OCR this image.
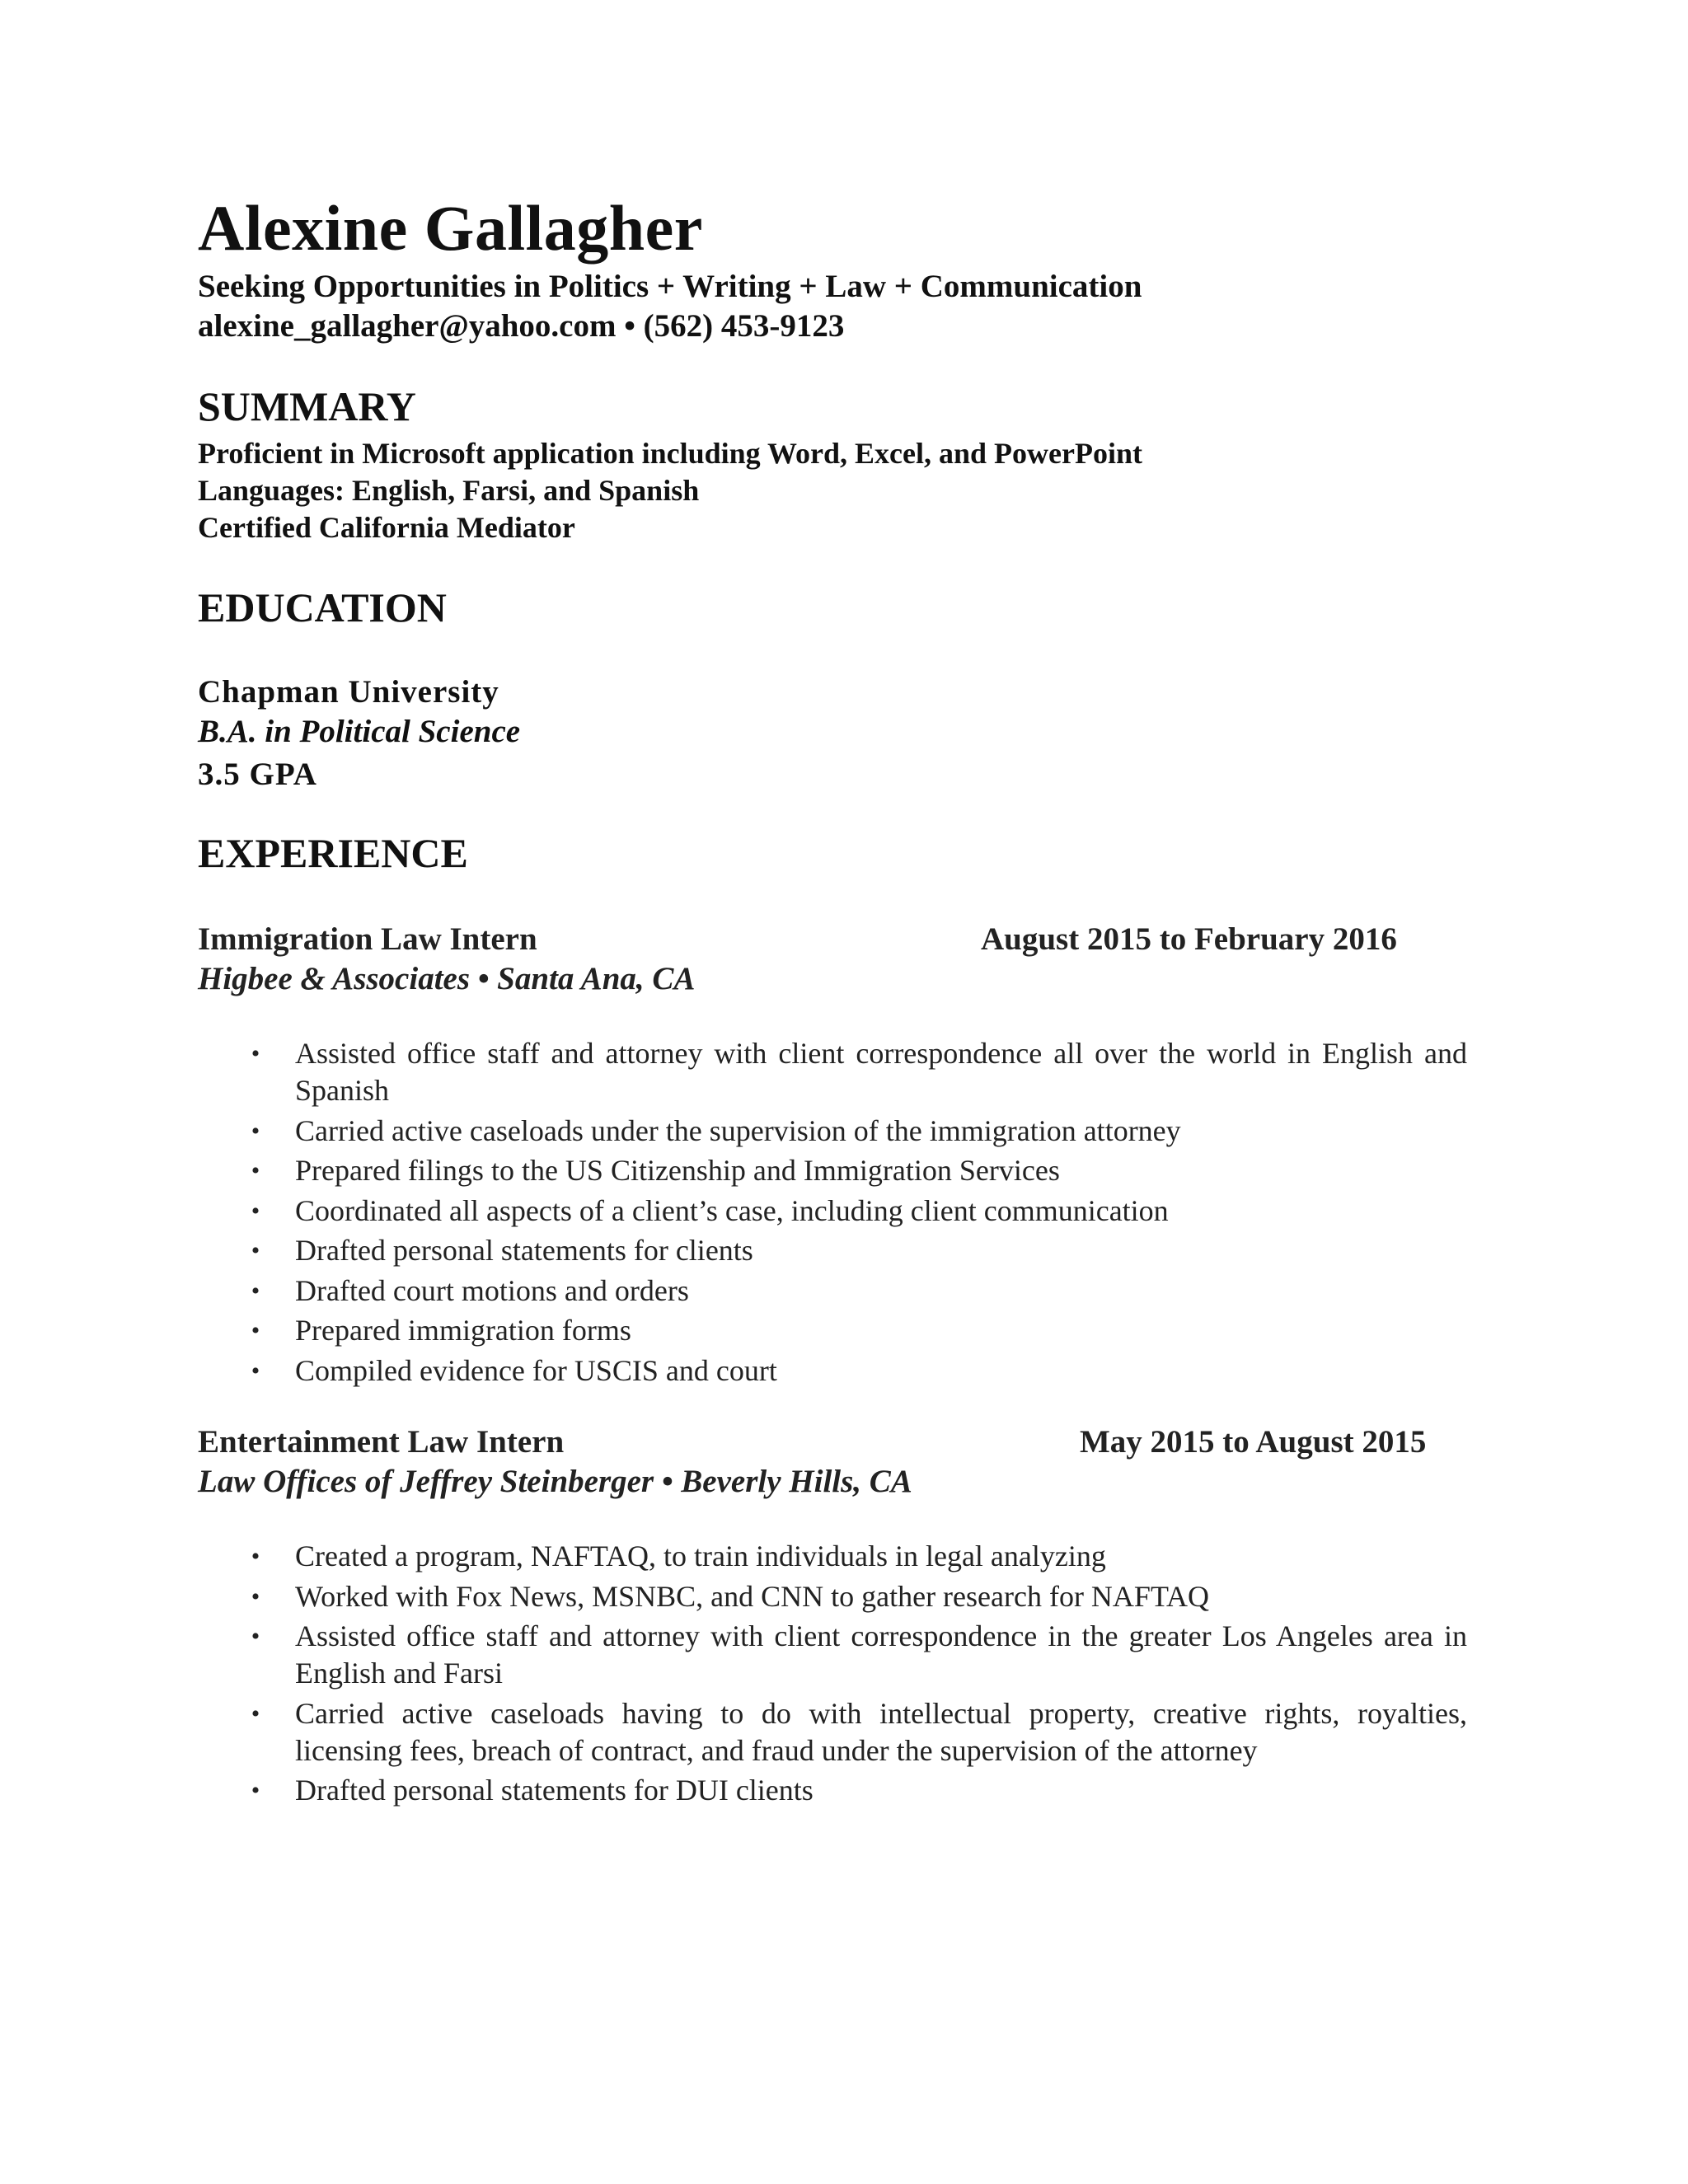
Alexine Gallagher
Seeking Opportunities in Politics + Writing + Law + Communication
alexine_gallagher@yahoo.com • (562) 453-9123
SUMMARY
Proficient in Microsoft application including Word, Excel, and PowerPoint
Languages: English, Farsi, and Spanish
Certified California Mediator
EDUCATION
Chapman University
B.A. in Political Science
3.5 GPA
EXPERIENCE
Immigration Law Intern	August 2015 to February 2016
Higbee & Associates • Santa Ana, CA
• Assisted office staff and attorney with client correspondence all over the world in English and Spanish
• Carried active caseloads under the supervision of the immigration attorney
• Prepared filings to the US Citizenship and Immigration Services
• Coordinated all aspects of a client’s case, including client communication
• Drafted personal statements for clients
• Drafted court motions and orders
• Prepared immigration forms
• Compiled evidence for USCIS and court
Entertainment Law Intern	May 2015 to August 2015
Law Offices of Jeffrey Steinberger • Beverly Hills, CA
• Created a program, NAFTAQ, to train individuals in legal analyzing
• Worked with Fox News, MSNBC, and CNN to gather research for NAFTAQ
• Assisted office staff and attorney with client correspondence in the greater Los Angeles area in English and Farsi
• Carried active caseloads having to do with intellectual property, creative rights, royalties, licensing fees, breach of contract, and fraud under the supervision of the attorney
• Drafted personal statements for DUI clients
